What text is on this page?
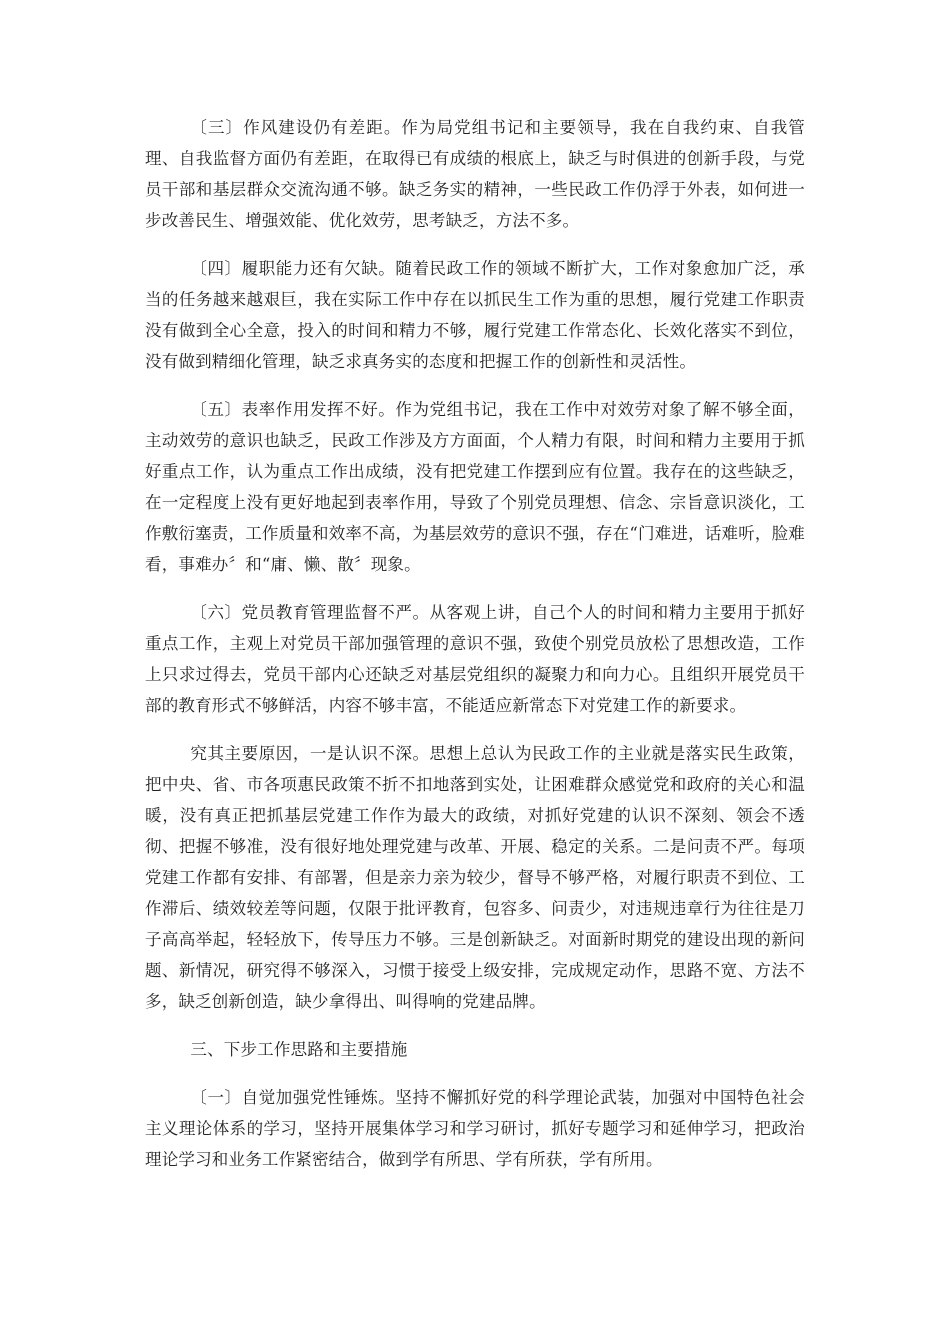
〔三〕作风建设仍有差距。作为局党组书记和主要领导，我在自我约束、自我管理、自我监督方面仍有差距，在取得已有成绩的根底上，缺乏与时俱进的创新手段，与党员干部和基层群众交流沟通不够。缺乏务实的精神，一些民政工作仍浮于外表，如何进一步改善民生、增强效能、优化效劳，思考缺乏，方法不多。

〔四〕履职能力还有欠缺。随着民政工作的领域不断扩大，工作对象愈加广泛，承当的任务越来越艰巨，我在实际工作中存在以抓民生工作为重的思想，履行党建工作职责没有做到全心全意，投入的时间和精力不够，履行党建工作常态化、长效化落实不到位，没有做到精细化管理，缺乏求真务实的态度和把握工作的创新性和灵活性。

〔五〕表率作用发挥不好。作为党组书记，我在工作中对效劳对象了解不够全面，主动效劳的意识也缺乏，民政工作涉及方方面面，个人精力有限，时间和精力主要用于抓好重点工作，认为重点工作出成绩，没有把党建工作摆到应有位置。我存在的这些缺乏，在一定程度上没有更好地起到表率作用，导致了个别党员理想、信念、宗旨意识淡化，工作敷衍塞责，工作质量和效率不高，为基层效劳的意识不强，存在“门难进，话难听，脸难看，事难办〞和“庸、懒、散〞现象。

〔六〕党员教育管理监督不严。从客观上讲，自己个人的时间和精力主要用于抓好重点工作，主观上对党员干部加强管理的意识不强，致使个别党员放松了思想改造，工作上只求过得去，党员干部内心还缺乏对基层党组织的凝聚力和向力心。且组织开展党员干部的教育形式不够鲜活，内容不够丰富，不能适应新常态下对党建工作的新要求。

究其主要原因，一是认识不深。思想上总认为民政工作的主业就是落实民生政策，把中央、省、市各项惠民政策不折不扣地落到实处，让困难群众感觉党和政府的关心和温暖，没有真正把抓基层党建工作作为最大的政绩，对抓好党建的认识不深刻、领会不透彻、把握不够准，没有很好地处理党建与改革、开展、稳定的关系。二是问责不严。每项党建工作都有安排、有部署，但是亲力亲为较少，督导不够严格，对履行职责不到位、工作滞后、绩效较差等问题，仅限于批评教育，包容多、问责少，对违规违章行为往往是刀子高高举起，轻轻放下，传导压力不够。三是创新缺乏。对面新时期党的建设出现的新问题、新情况，研究得不够深入，习惯于接受上级安排，完成规定动作，思路不宽、方法不多，缺乏创新创造，缺少拿得出、叫得响的党建品牌。

三、下步工作思路和主要措施

〔一〕自觉加强党性锤炼。坚持不懈抓好党的科学理论武装，加强对中国特色社会主义理论体系的学习，坚持开展集体学习和学习研讨，抓好专题学习和延伸学习，把政治理论学习和业务工作紧密结合，做到学有所思、学有所获，学有所用。
